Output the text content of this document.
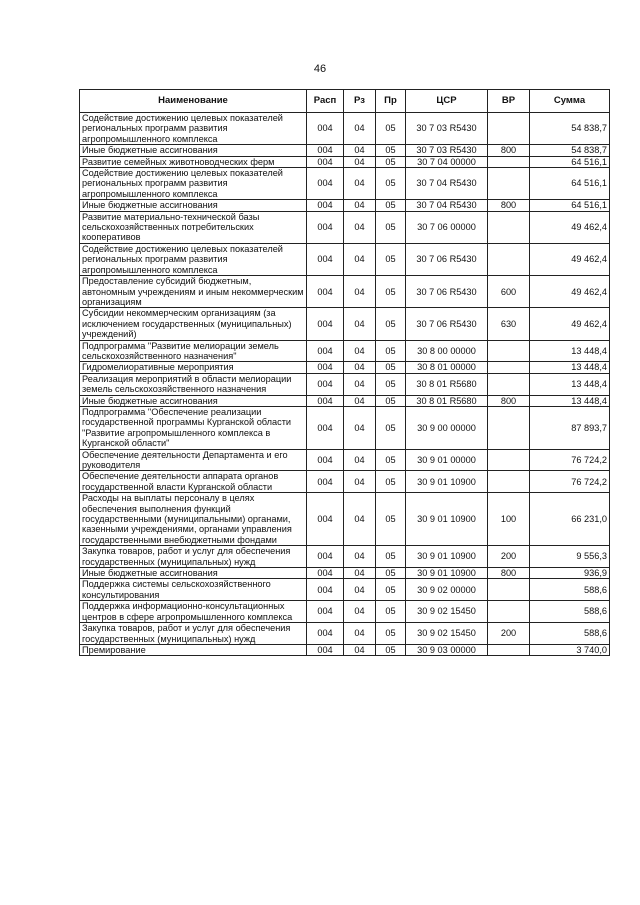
46
Наименование	Расп	Рз	Пр	ЦСР	ВР	Сумма
Содействие достижению целевых показателей региональных программ развития агропромышленного комплекса	004	04	05	30 7 03 R5430		54 838,7
Иные бюджетные ассигнования	004	04	05	30 7 03 R5430	800	54 838,7
Развитие семейных животноводческих ферм	004	04	05	30 7 04 00000		64 516,1
Содействие достижению целевых показателей региональных программ развития агропромышленного комплекса	004	04	05	30 7 04 R5430		64 516,1
Иные бюджетные ассигнования	004	04	05	30 7 04 R5430	800	64 516,1
Развитие материально-технической базы сельскохозяйственных потребительских кооперативов	004	04	05	30 7 06 00000		49 462,4
Содействие достижению целевых показателей региональных программ развития агропромышленного комплекса	004	04	05	30 7 06 R5430		49 462,4
Предоставление субсидий бюджетным, автономным учреждениям и иным некоммерческим организациям	004	04	05	30 7 06 R5430	600	49 462,4
Субсидии некоммерческим организациям (за исключением государственных (муниципальных) учреждений)	004	04	05	30 7 06 R5430	630	49 462,4
Подпрограмма "Развитие мелиорации земель сельскохозяйственного назначения"	004	04	05	30 8 00 00000		13 448,4
Гидромелиоративные мероприятия	004	04	05	30 8 01 00000		13 448,4
Реализация мероприятий в области мелиорации земель сельскохозяйственного назначения	004	04	05	30 8 01 R5680		13 448,4
Иные бюджетные ассигнования	004	04	05	30 8 01 R5680	800	13 448,4
Подпрограмма "Обеспечение реализации государственной программы Курганской области "Развитие агропромышленного комплекса в Курганской области"	004	04	05	30 9 00 00000		87 893,7
Обеспечение деятельности Департамента и его руководителя	004	04	05	30 9 01 00000		76 724,2
Обеспечение деятельности аппарата органов государственной власти Курганской области	004	04	05	30 9 01 10900		76 724,2
Расходы на выплаты персоналу в целях обеспечения выполнения функций государственными (муниципальными) органами, казенными учреждениями, органами управления государственными внебюджетными фондами	004	04	05	30 9 01 10900	100	66 231,0
Закупка товаров, работ и услуг для обеспечения государственных (муниципальных) нужд	004	04	05	30 9 01 10900	200	9 556,3
Иные бюджетные ассигнования	004	04	05	30 9 01 10900	800	936,9
Поддержка системы сельскохозяйственного консультирования	004	04	05	30 9 02 00000		588,6
Поддержка информационно-консультационных центров в сфере агропромышленного комплекса	004	04	05	30 9 02 15450		588,6
Закупка товаров, работ и услуг для обеспечения государственных (муниципальных) нужд	004	04	05	30 9 02 15450	200	588,6
Премирование	004	04	05	30 9 03 00000		3 740,0
